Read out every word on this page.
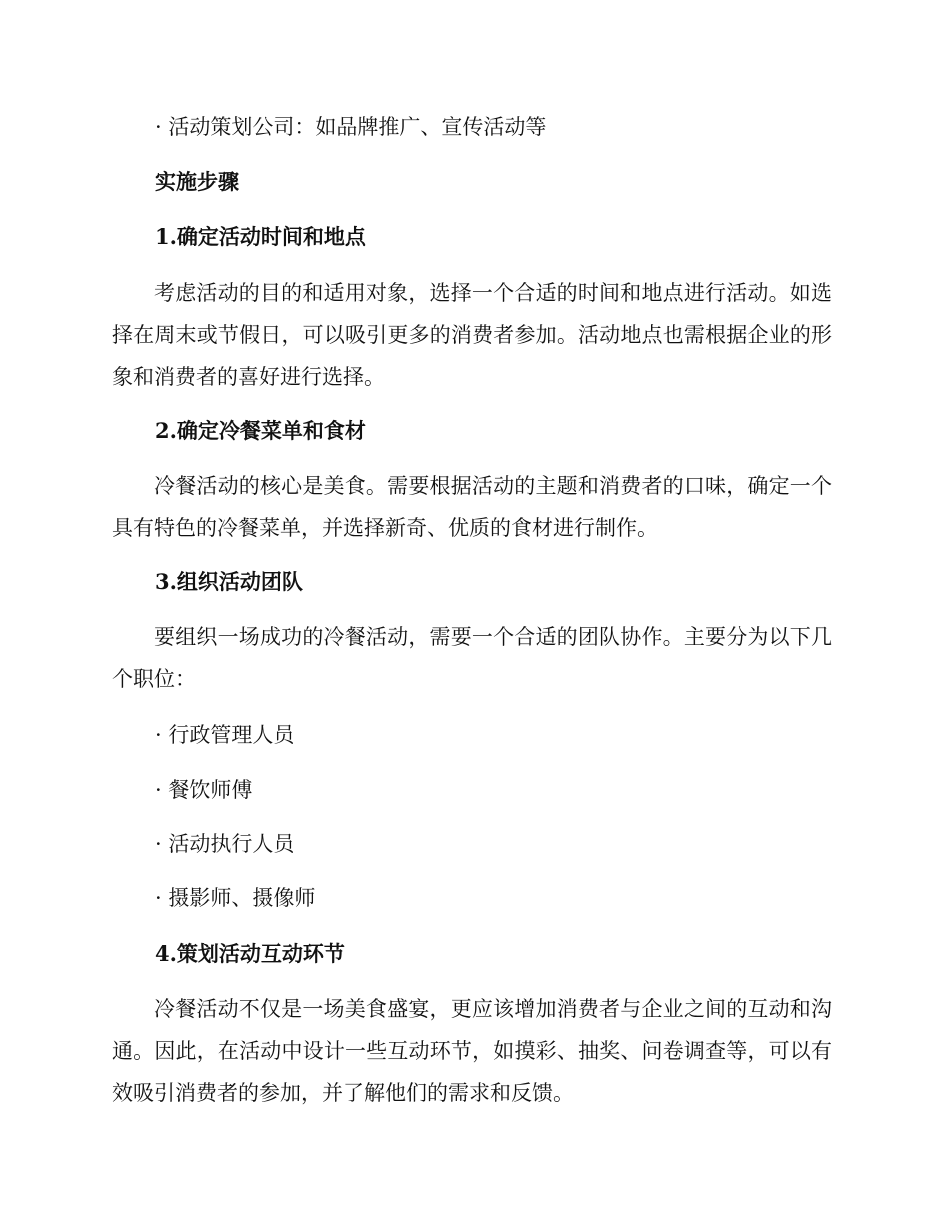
· 活动策划公司：如品牌推广、宣传活动等
实施步骤
1.确定活动时间和地点
考虑活动的目的和适用对象，选择一个合适的时间和地点进行活动。如选择在周末或节假日，可以吸引更多的消费者参加。活动地点也需根据企业的形象和消费者的喜好进行选择。
2.确定冷餐菜单和食材
冷餐活动的核心是美食。需要根据活动的主题和消费者的口味，确定一个具有特色的冷餐菜单，并选择新奇、优质的食材进行制作。
3.组织活动团队
要组织一场成功的冷餐活动，需要一个合适的团队协作。主要分为以下几个职位：
· 行政管理人员
· 餐饮师傅
· 活动执行人员
· 摄影师、摄像师
4.策划活动互动环节
冷餐活动不仅是一场美食盛宴，更应该增加消费者与企业之间的互动和沟通。因此，在活动中设计一些互动环节，如摸彩、抽奖、问卷调查等，可以有效吸引消费者的参加，并了解他们的需求和反馈。
